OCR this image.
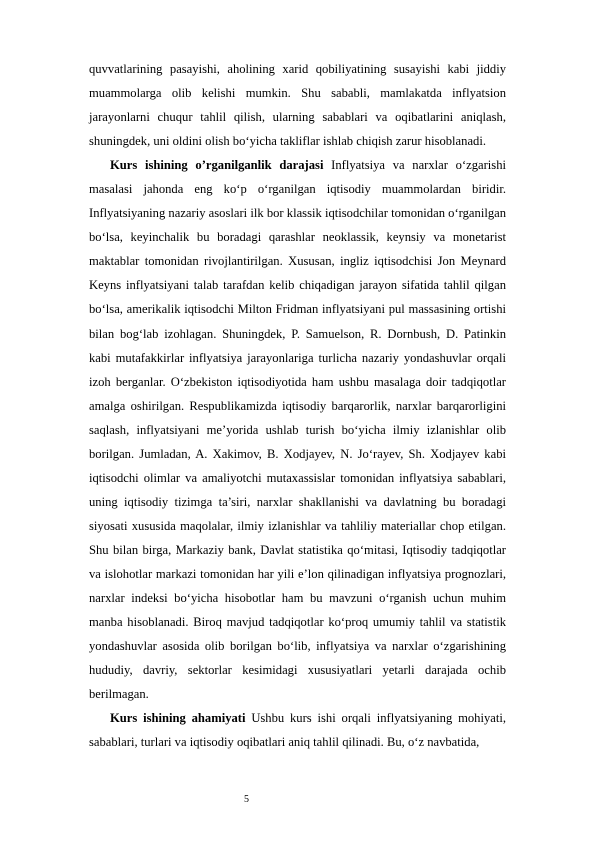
quvvatlarining pasayishi, aholining xarid qobiliyatining susayishi kabi jiddiy muammolarga olib kelishi mumkin. Shu sababli, mamlakatda inflyatsion jarayonlarni chuqur tahlil qilish, ularning sabablari va oqibatlarini aniqlash, shuningdek, uni oldini olish bo‘yicha takliflar ishlab chiqish zarur hisoblanadi.

Kurs ishining o’rganilganlik darajasi Inflyatsiya va narxlar o‘zgarishi masalasi jahonda eng ko‘p o‘rganilgan iqtisodiy muammolardan biridir. Inflyatsiyaning nazariy asoslari ilk bor klassik iqtisodchilar tomonidan o‘rganilgan bo‘lsa, keyinchalik bu boradagi qarashlar neoklassik, keynsiy va monetarist maktablar tomonidan rivojlantirilgan. Xususan, ingliz iqtisodchisi Jon Meynard Keyns inflyatsiyani talab tarafdan kelib chiqadigan jarayon sifatida tahlil qilgan bo‘lsa, amerikalik iqtisodchi Milton Fridman inflyatsiyani pul massasining ortishi bilan bog‘lab izohlagan. Shuningdek, P. Samuelson, R. Dornbush, D. Patinkin kabi mutafakkirlar inflyatsiya jarayonlariga turlicha nazariy yondashuvlar orqali izoh berganlar. O‘zbekiston iqtisodiyotida ham ushbu masalaga doir tadqiqotlar amalga oshirilgan. Respublikamizda iqtisodiy barqarorlik, narxlar barqarorligini saqlash, inflyatsiyani me’yorida ushlab turish bo‘yicha ilmiy izlanishlar olib borilgan. Jumladan, A. Xakimov, B. Xodjayev, N. Jo‘rayev, Sh. Xodjayev kabi iqtisodchi olimlar va amaliyotchi mutaxassislar tomonidan inflyatsiya sabablari, uning iqtisodiy tizimga ta’siri, narxlar shakllanishi va davlatning bu boradagi siyosati xususida maqolalar, ilmiy izlanishlar va tahliliy materiallar chop etilgan. Shu bilan birga, Markaziy bank, Davlat statistika qo‘mitasi, Iqtisodiy tadqiqotlar va islohotlar markazi tomonidan har yili e’lon qilinadigan inflyatsiya prognozlari, narxlar indeksi bo‘yicha hisobotlar ham bu mavzuni o‘rganish uchun muhim manba hisoblanadi. Biroq mavjud tadqiqotlar ko‘proq umumiy tahlil va statistik yondashuvlar asosida olib borilgan bo‘lib, inflyatsiya va narxlar o‘zgarishining hududiy, davriy, sektorlar kesimidagi xususiyatlari yetarli darajada ochib berilmagan.

Kurs ishining ahamiyati Ushbu kurs ishi orqali inflyatsiyaning mohiyati, sabablari, turlari va iqtisodiy oqibatlari aniq tahlil qilinadi. Bu, o‘z navbatida,

5
